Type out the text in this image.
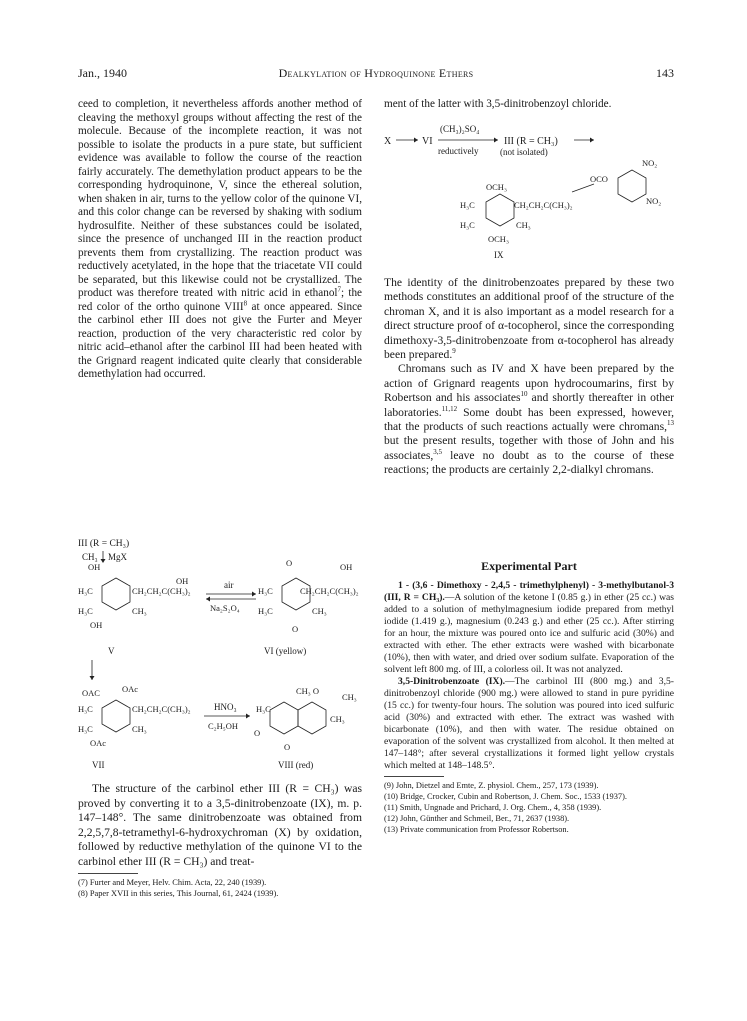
Jan., 1940	Dealkylation of Hydroquinone Ethers	143

ceed to completion, it nevertheless affords another method of cleaving the methoxyl groups without affecting the rest of the molecule. Because of the incomplete reaction, it was not possible to isolate the products in a pure state, but sufficient evidence was available to follow the course of the reaction fairly accurately. The demethylation product appears to be the corresponding hydroquinone, V, since the ethereal solution, when shaken in air, turns to the yellow color of the quinone VI, and this color change can be reversed by shaking with sodium hydrosulfite. Neither of these substances could be isolated, since the presence of unchanged III in the reaction product prevents them from crystallizing. The reaction product was reductively acetylated, in the hope that the triacetate VII could be separated, but this likewise could not be crystallized. The product was therefore treated with nitric acid in ethanol$^7$; the red color of the ortho quinone VIII$^8$ at once appeared. Since the carbinol ether III does not give the Furter and Meyer reaction, production of the very characteristic red color by nitric acid–ethanol after the carbinol III had been heated with the Grignard reagent indicated quite clearly that considerable demethylation had occurred.

III (R = CH₃)
CH₃ MgX
OH
H₃C
H₃C
CH₂CH₂C(CH₃)₂
CH₃
OH
OH	air
Na₂S₂O₄
O	OH
H₃C
H₃C
CH₂CH₂C(CH₃)₂
CH₃
O
V	VI (yellow)
OAC	OAc
H₃C
H₃C
CH₂CH₂C(CH₃)₂
CH₃
OAc
HNO₃
C₂H₅OH
CH₃ O
CH₃
H₃C
CH₃
O
O
VII	VIII (red)

The structure of the carbinol ether III (R = CH₃) was proved by converting it to a 3,5-dinitrobenzoate (IX), m. p. 147–148°. The same dinitrobenzoate was obtained from 2,2,5,7,8-tetramethyl-6-hydroxychroman (X) by oxidation, followed by reductive methylation of the quinone VI to the carbinol ether III (R = CH₃) and treat-

(7) Furter and Meyer, Helv. Chim. Acta, 22, 240 (1939).

(8) Paper XVII in this series, This Journal, 61, 2424 (1939).

ment of the latter with 3,5-dinitrobenzoyl chloride.

X	VI
(CH₃)₂SO₄
reductively
III (R = CH₃)
(not isolated)
NO₂
OCO
NO₂
OCH₃
H₃C	CH₂CH₂C(CH₃)₂
H₃C	CH₃
OCH₃
IX

The identity of the dinitrobenzoates prepared by these two methods constitutes an additional proof of the structure of the chroman X, and it is also important as a model research for a direct structure proof of α-tocopherol, since the corresponding dimethoxy-3,5-dinitrobenzoate from α-tocopherol has already been prepared.$^9$

Chromans such as IV and X have been prepared by the action of Grignard reagents upon hydrocoumarins, first by Robertson and his associates$^{10}$ and shortly thereafter in other laboratories.$^{11,12}$ Some doubt has been expressed, however, that the products of such reactions actually were chromans,$^{13}$ but the present results, together with those of John and his associates,$^{3,5}$ leave no doubt as to the course of these reactions; the products are certainly 2,2-dialkyl chromans.

Experimental Part

1 - (3,6 - Dimethoxy - 2,4,5 - trimethylphenyl) - 3-methylbutanol-3 (III, R = CH₃).—A solution of the ketone I (0.85 g.) in ether (25 cc.) was added to a solution of methylmagnesium iodide prepared from methyl iodide (1.419 g.), magnesium (0.243 g.) and ether (25 cc.). After stirring for an hour, the mixture was poured onto ice and sulfuric acid (30%) and extracted with ether. The ether extracts were washed with bicarbonate (10%), then with water, and dried over sodium sulfate. Evaporation of the solvent left 800 mg. of III, a colorless oil. It was not analyzed.

3,5-Dinitrobenzoate (IX).—The carbinol III (800 mg.) and 3,5-dinitrobenzoyl chloride (900 mg.) were allowed to stand in pure pyridine (15 cc.) for twenty-four hours. The solution was poured into iced sulfuric acid (30%) and extracted with ether. The extract was washed with bicarbonate (10%), and then with water. The residue obtained on evaporation of the solvent was crystallized from alcohol. It then melted at 147–148°; after several crystallizations it formed light yellow crystals which melted at 148–148.5°.

(9) John, Dietzel and Emte, Z. physiol. Chem., 257, 173 (1939).

(10) Bridge, Crocker, Cubin and Robertson, J. Chem. Soc., 1533 (1937).

(11) Smith, Ungnade and Prichard, J. Org. Chem., 4, 358 (1939).

(12) John, Günther and Schmeil, Ber., 71, 2637 (1938).

(13) Private communication from Professor Robertson.
